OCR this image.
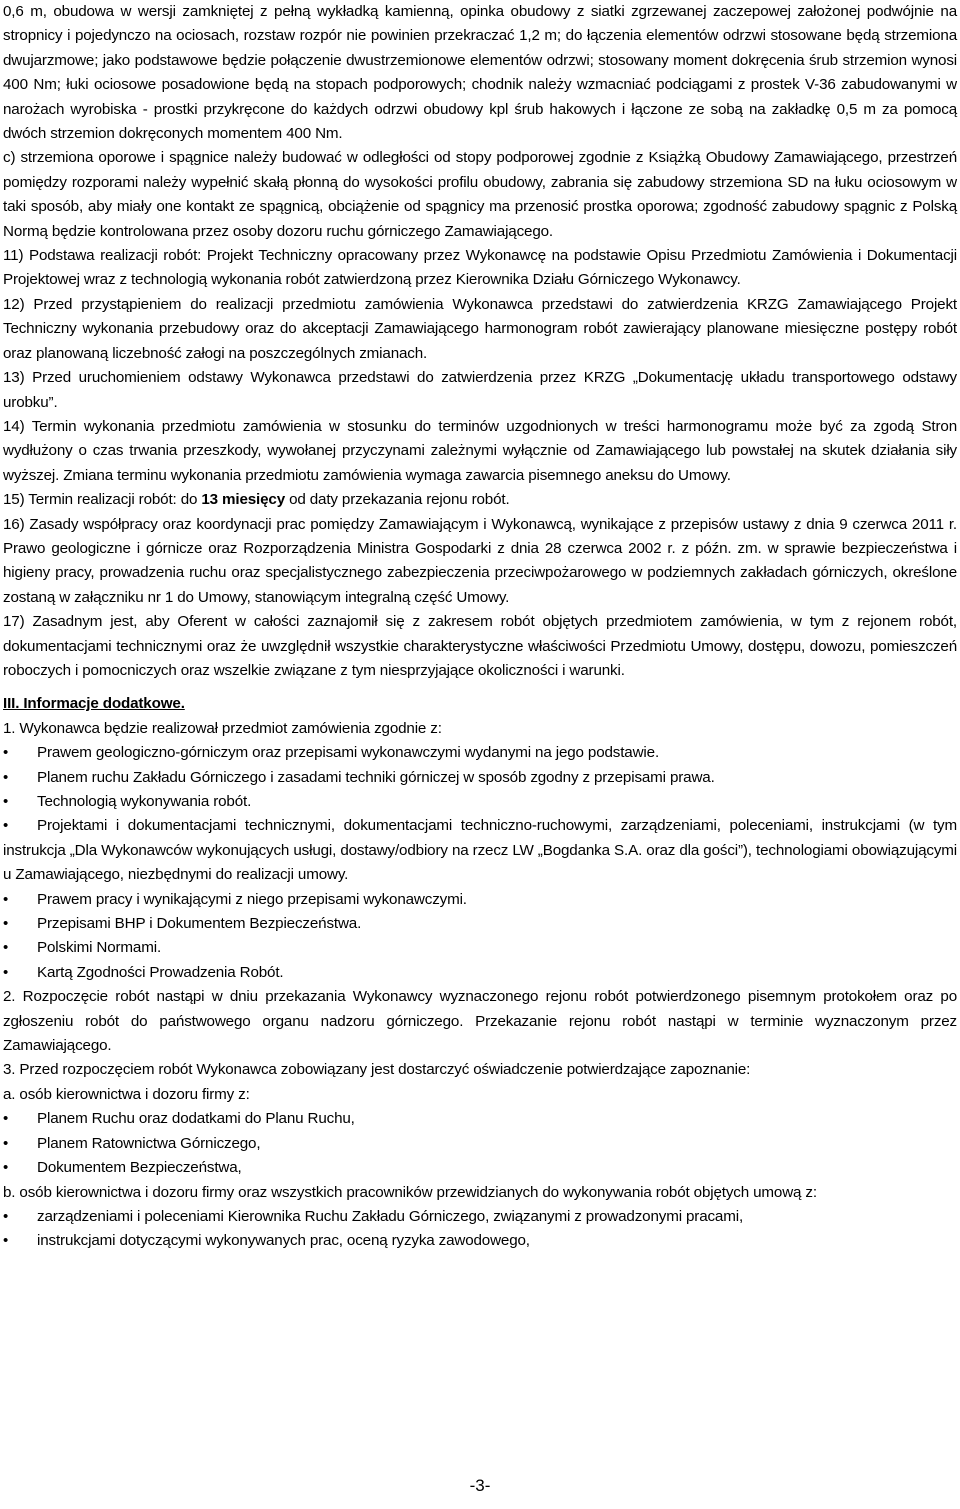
0,6 m, obudowa w wersji zamkniętej z pełną wykładką kamienną, opinka obudowy z siatki zgrzewanej zaczepowej założonej podwójnie na stropnicy i pojedynczo na ociosach, rozstaw rozpór nie powinien przekraczać 1,2 m; do łączenia elementów odrzwi stosowane będą strzemiona dwujarzmowe; jako podstawowe będzie połączenie dwustrzemionowe elementów odrzwi; stosowany moment dokręcenia śrub strzemion wynosi 400 Nm; łuki ociosowe posadowione będą na stopach podporowych; chodnik należy wzmacniać podciągami z prostek V-36 zabudowanymi w narożach wyrobiska - prostki przykręcone do każdych odrzwi obudowy kpl śrub hakowych i łączone ze sobą na zakładkę 0,5 m za pomocą dwóch strzemion dokręconych momentem 400 Nm.

c) strzemiona oporowe i spągnice należy budować w odległości od stopy podporowej zgodnie z Książką Obudowy Zamawiającego, przestrzeń pomiędzy rozporami należy wypełnić skałą płonną do wysokości profilu obudowy, zabrania się zabudowy strzemiona SD na łuku ociosowym w taki sposób, aby miały one kontakt ze spągnicą, obciążenie od spągnicy ma przenosić prostka oporowa; zgodność zabudowy spągnic z Polską Normą będzie kontrolowana przez osoby dozoru ruchu górniczego Zamawiającego.

11) Podstawa realizacji robót: Projekt Techniczny opracowany przez Wykonawcę na podstawie Opisu Przedmiotu Zamówienia i Dokumentacji Projektowej wraz z technologią wykonania robót zatwierdzoną przez Kierownika Działu Górniczego Wykonawcy.

12) Przed przystąpieniem do realizacji przedmiotu zamówienia Wykonawca przedstawi do zatwierdzenia KRZG Zamawiającego Projekt Techniczny wykonania przebudowy oraz do akceptacji Zamawiającego harmonogram robót zawierający planowane miesięczne postępy robót oraz planowaną liczebność załogi na poszczególnych zmianach.

13) Przed uruchomieniem odstawy Wykonawca przedstawi do zatwierdzenia przez KRZG „Dokumentację układu transportowego odstawy urobku”.

14) Termin wykonania przedmiotu zamówienia w stosunku do terminów uzgodnionych w treści harmonogramu może być za zgodą Stron wydłużony o czas trwania przeszkody, wywołanej przyczynami zależnymi wyłącznie od Zamawiającego lub powstałej na skutek działania siły wyższej. Zmiana terminu wykonania przedmiotu zamówienia wymaga zawarcia pisemnego aneksu do Umowy.

15) Termin realizacji robót: do 13 miesięcy od daty przekazania rejonu robót.

16) Zasady współpracy oraz koordynacji prac pomiędzy Zamawiającym i Wykonawcą, wynikające z przepisów ustawy z dnia 9 czerwca 2011 r. Prawo geologiczne i górnicze oraz Rozporządzenia Ministra Gospodarki z dnia 28 czerwca 2002 r. z późn. zm. w sprawie bezpieczeństwa i higieny pracy, prowadzenia ruchu oraz specjalistycznego zabezpieczenia przeciwpożarowego w podziemnych zakładach górniczych, określone zostaną w załączniku nr 1 do Umowy, stanowiącym integralną część Umowy.

17) Zasadnym jest, aby Oferent w całości zaznajomił się z zakresem robót objętych przedmiotem zamówienia, w tym z rejonem robót, dokumentacjami technicznymi oraz że uwzględnił wszystkie charakterystyczne właściwości Przedmiotu Umowy, dostępu, dowozu, pomieszczeń roboczych i pomocniczych oraz wszelkie związane z tym niesprzyjające okoliczności i warunki.

III. Informacje dodatkowe.

1. Wykonawca będzie realizował przedmiot zamówienia zgodnie z:

•	Prawem geologiczno-górniczym oraz przepisami wykonawczymi wydanymi na jego podstawie.

•	Planem ruchu Zakładu Górniczego i zasadami techniki górniczej w sposób zgodny z przepisami prawa.

•	Technologią wykonywania robót.

•	Projektami i dokumentacjami technicznymi, dokumentacjami techniczno-ruchowymi, zarządzeniami, poleceniami, instrukcjami (w tym instrukcja „Dla Wykonawców wykonujących usługi, dostawy/odbiory na rzecz LW „Bogdanka S.A. oraz dla gości”), technologiami obowiązującymi u Zamawiającego, niezbędnymi do realizacji umowy.

•	Prawem pracy i wynikającymi z niego przepisami wykonawczymi.

•	Przepisami BHP i Dokumentem Bezpieczeństwa.

•	Polskimi Normami.

•	Kartą Zgodności Prowadzenia Robót.

2. Rozpoczęcie robót nastąpi w dniu przekazania Wykonawcy wyznaczonego rejonu robót potwierdzonego pisemnym protokołem oraz po zgłoszeniu robót do państwowego organu nadzoru górniczego. Przekazanie rejonu robót nastąpi w terminie wyznaczonym przez Zamawiającego.

3. Przed rozpoczęciem robót Wykonawca zobowiązany jest dostarczyć oświadczenie potwierdzające zapoznanie:

a. osób kierownictwa i dozoru firmy z:

•	Planem Ruchu oraz dodatkami do Planu Ruchu,

•	Planem Ratownictwa Górniczego,

•	Dokumentem Bezpieczeństwa,

b. osób kierownictwa i dozoru firmy oraz wszystkich pracowników przewidzianych do wykonywania robót objętych umową z:

•	zarządzeniami i poleceniami Kierownika Ruchu Zakładu Górniczego, związanymi z prowadzonymi pracami,

•	instrukcjami dotyczącymi wykonywanych prac, oceną ryzyka zawodowego,

-3-
